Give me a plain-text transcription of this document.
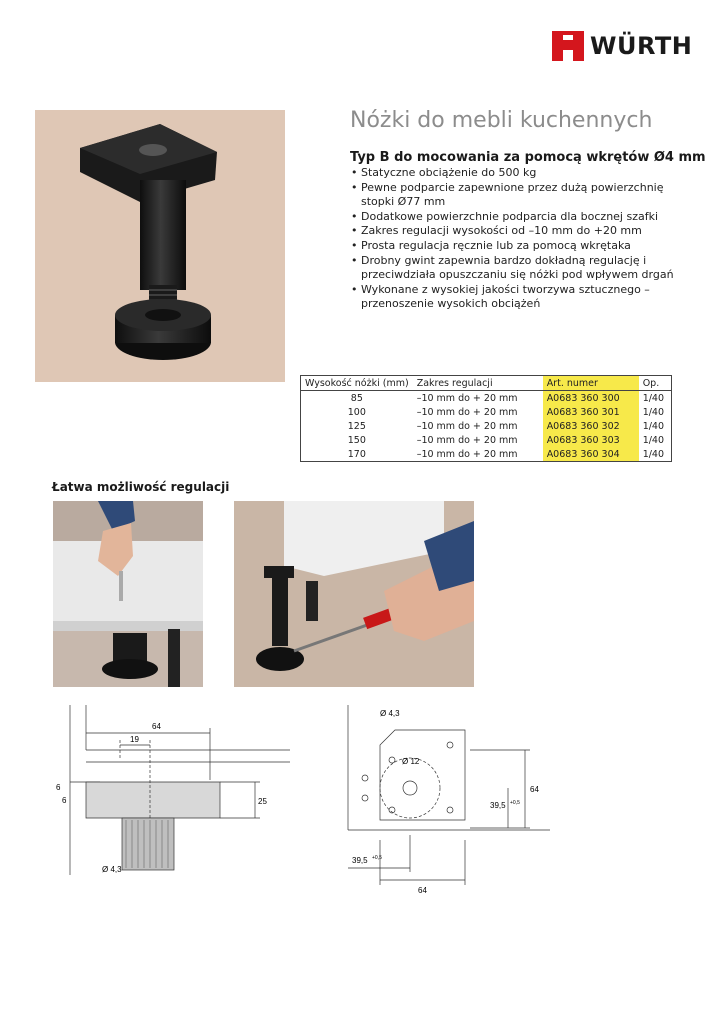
WÜRTH
Nóżki do mebli kuchennych
Typ B do mocowania za pomocą wkrętów Ø4 mm
• Statyczne obciążenie do 500 kg
• Pewne podparcie zapewnione przez dużą powierzchnię stopki Ø77 mm
• Dodatkowe powierzchnie podparcia dla bocznej szafki
• Zakres regulacji wysokości od –10 mm do +20 mm
• Prosta regulacja ręcznie lub za pomocą wkrętaka
• Drobny gwint zapewnia bardzo dokładną regulację i przeciwdziała opuszczaniu się nóżki pod wpływem drgań
• Wykonane z wysokiej jakości tworzywa sztucznego – przenoszenie wysokich obciążeń
Wysokość nóżki (mm)	Zakres regulacji	Art. numer	Op.
85	–10 mm do + 20 mm	A0683 360 300	1/40
100	–10 mm do + 20 mm	A0683 360 301	1/40
125	–10 mm do + 20 mm	A0683 360 302	1/40
150	–10 mm do + 20 mm	A0683 360 303	1/40
170	–10 mm do + 20 mm	A0683 360 304	1/40
Łatwa możliwość regulacji
64
19
6
6	25
Ø 4,3
Ø 4,3
Ø 12
64
39,5 +0,5
39,5 +0,5
64
